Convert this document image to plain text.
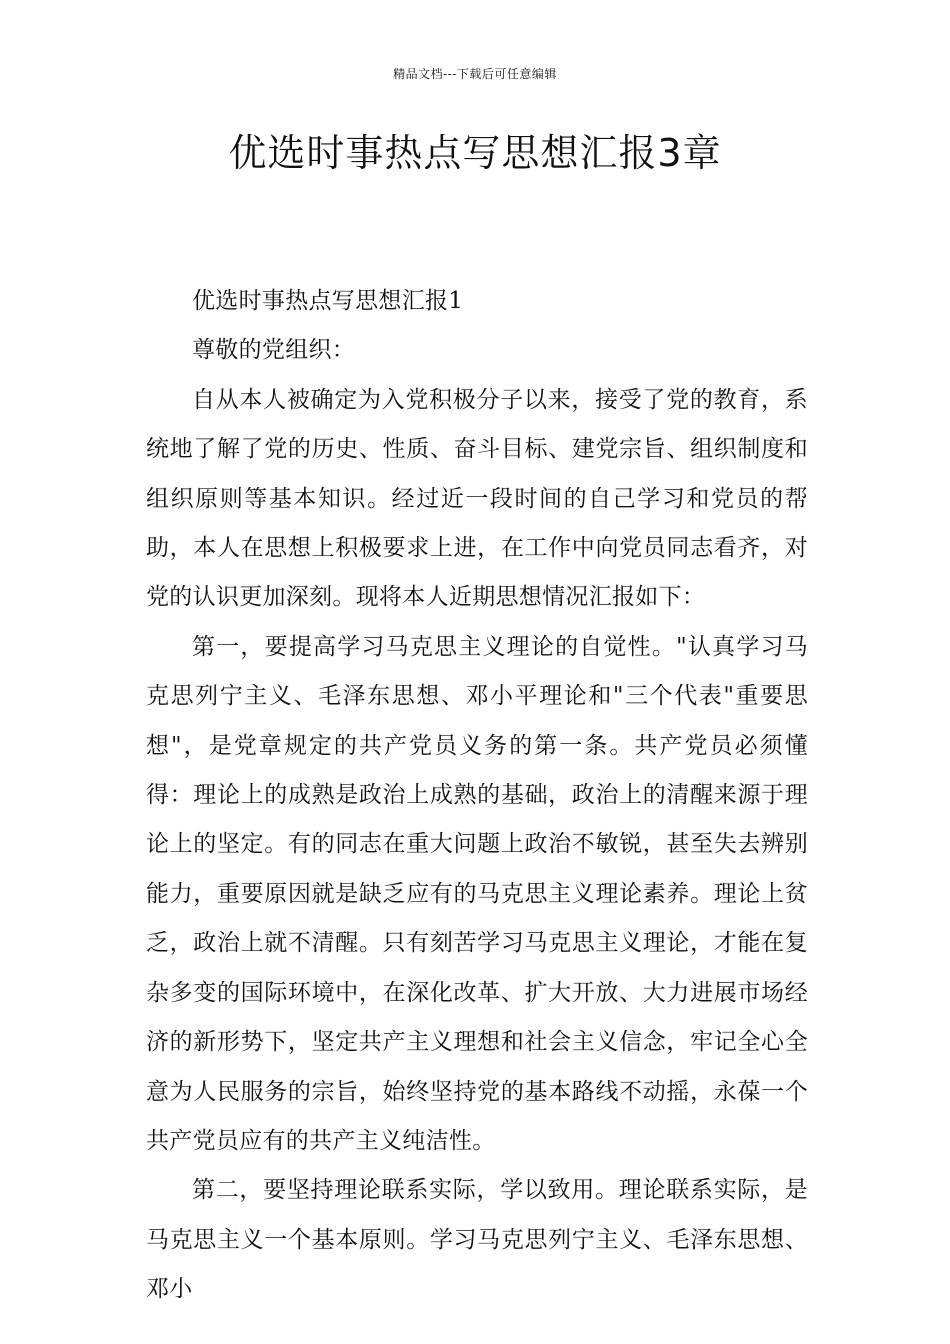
精品文档---下载后可任意编辑
优选时事热点写思想汇报3章

优选时事热点写思想汇报1

尊敬的党组织：

自从本人被确定为入党积极分子以来，接受了党的教育，系统地了解了党的历史、性质、奋斗目标、建党宗旨、组织制度和组织原则等基本知识。经过近一段时间的自己学习和党员的帮助，本人在思想上积极要求上进，在工作中向党员同志看齐，对党的认识更加深刻。现将本人近期思想情况汇报如下：

第一，要提高学习马克思主义理论的自觉性。"认真学习马克思列宁主义、毛泽东思想、邓小平理论和"三个代表"重要思想"，是党章规定的共产党员义务的第一条。共产党员必须懂得：理论上的成熟是政治上成熟的基础，政治上的清醒来源于理论上的坚定。有的同志在重大问题上政治不敏锐，甚至失去辨别能力，重要原因就是缺乏应有的马克思主义理论素养。理论上贫乏，政治上就不清醒。只有刻苦学习马克思主义理论，才能在复杂多变的国际环境中，在深化改革、扩大开放、大力进展市场经济的新形势下，坚定共产主义理想和社会主义信念，牢记全心全意为人民服务的宗旨，始终坚持党的基本路线不动摇，永葆一个共产党员应有的共产主义纯洁性。

第二，要坚持理论联系实际，学以致用。理论联系实际，是马克思主义一个基本原则。学习马克思列宁主义、毛泽东思想、邓小
